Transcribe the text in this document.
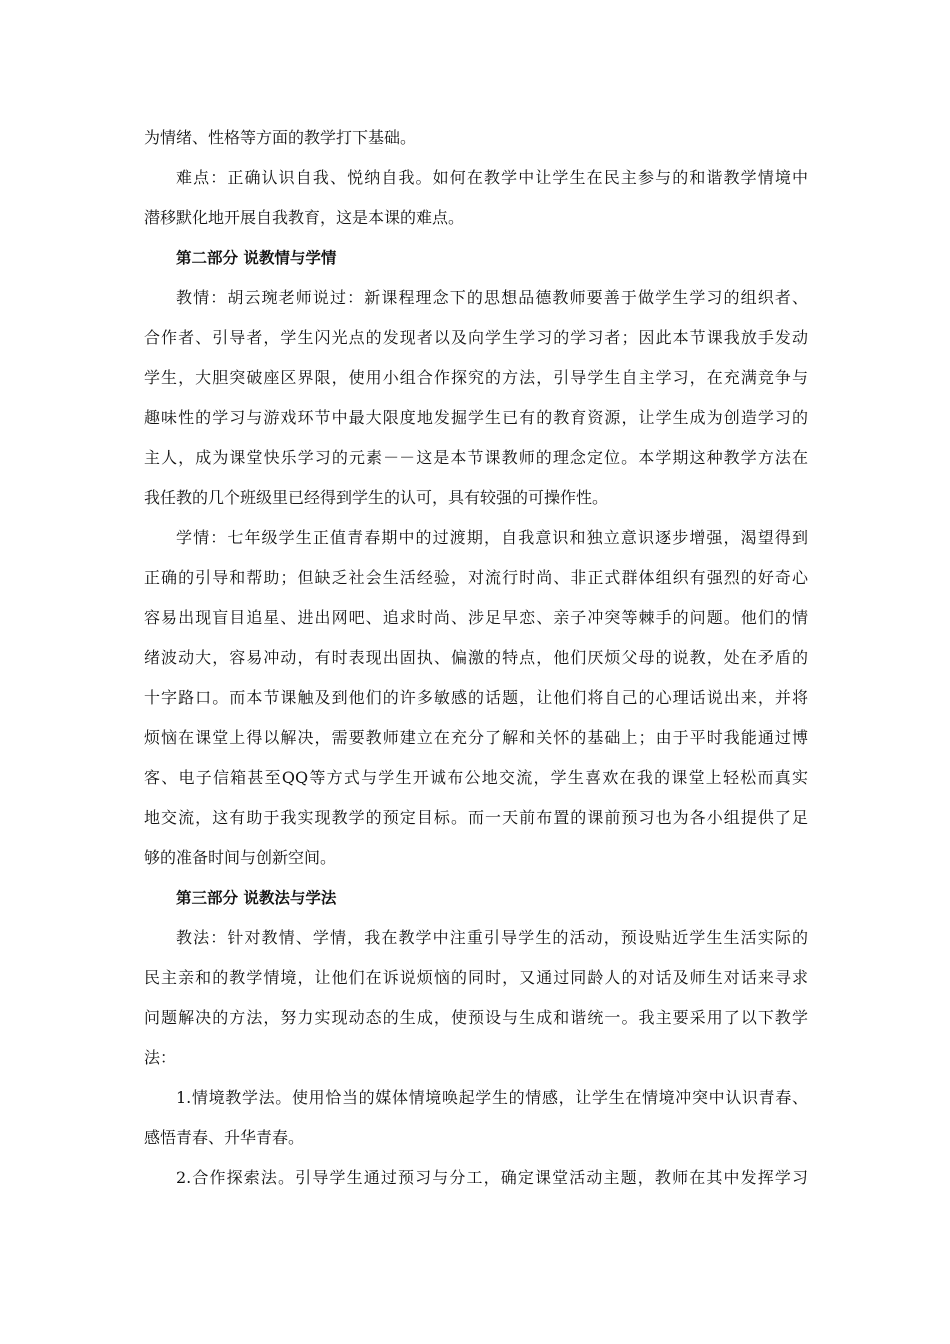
为情绪、性格等方面的教学打下基础。
难点：正确认识自我、悦纳自我。如何在教学中让学生在民主参与的和谐教学情境中
潜移默化地开展自我教育，这是本课的难点。
第二部分 说教情与学情
教情：胡云琬老师说过：新课程理念下的思想品德教师要善于做学生学习的组织者、
合作者、引导者，学生闪光点的发现者以及向学生学习的学习者；因此本节课我放手发动
学生，大胆突破座区界限，使用小组合作探究的方法，引导学生自主学习，在充满竞争与
趣味性的学习与游戏环节中最大限度地发掘学生已有的教育资源，让学生成为创造学习的
主人，成为课堂快乐学习的元素－－这是本节课教师的理念定位。本学期这种教学方法在
我任教的几个班级里已经得到学生的认可，具有较强的可操作性。
学情：七年级学生正值青春期中的过渡期，自我意识和独立意识逐步增强，渴望得到
正确的引导和帮助；但缺乏社会生活经验，对流行时尚、非正式群体组织有强烈的好奇心
容易出现盲目追星、进出网吧、追求时尚、涉足早恋、亲子冲突等棘手的问题。他们的情
绪波动大，容易冲动，有时表现出固执、偏激的特点，他们厌烦父母的说教，处在矛盾的
十字路口。而本节课触及到他们的许多敏感的话题，让他们将自己的心理话说出来，并将
烦恼在课堂上得以解决，需要教师建立在充分了解和关怀的基础上；由于平时我能通过博
客、电子信箱甚至QQ等方式与学生开诚布公地交流，学生喜欢在我的课堂上轻松而真实
地交流，这有助于我实现教学的预定目标。而一天前布置的课前预习也为各小组提供了足
够的准备时间与创新空间。
第三部分 说教法与学法
教法：针对教情、学情，我在教学中注重引导学生的活动，预设贴近学生生活实际的
民主亲和的教学情境，让他们在诉说烦恼的同时，又通过同龄人的对话及师生对话来寻求
问题解决的方法，努力实现动态的生成，使预设与生成和谐统一。我主要采用了以下教学
法：
1.情境教学法。使用恰当的媒体情境唤起学生的情感，让学生在情境冲突中认识青春、
感悟青春、升华青春。
2.合作探索法。引导学生通过预习与分工，确定课堂活动主题，教师在其中发挥学习
